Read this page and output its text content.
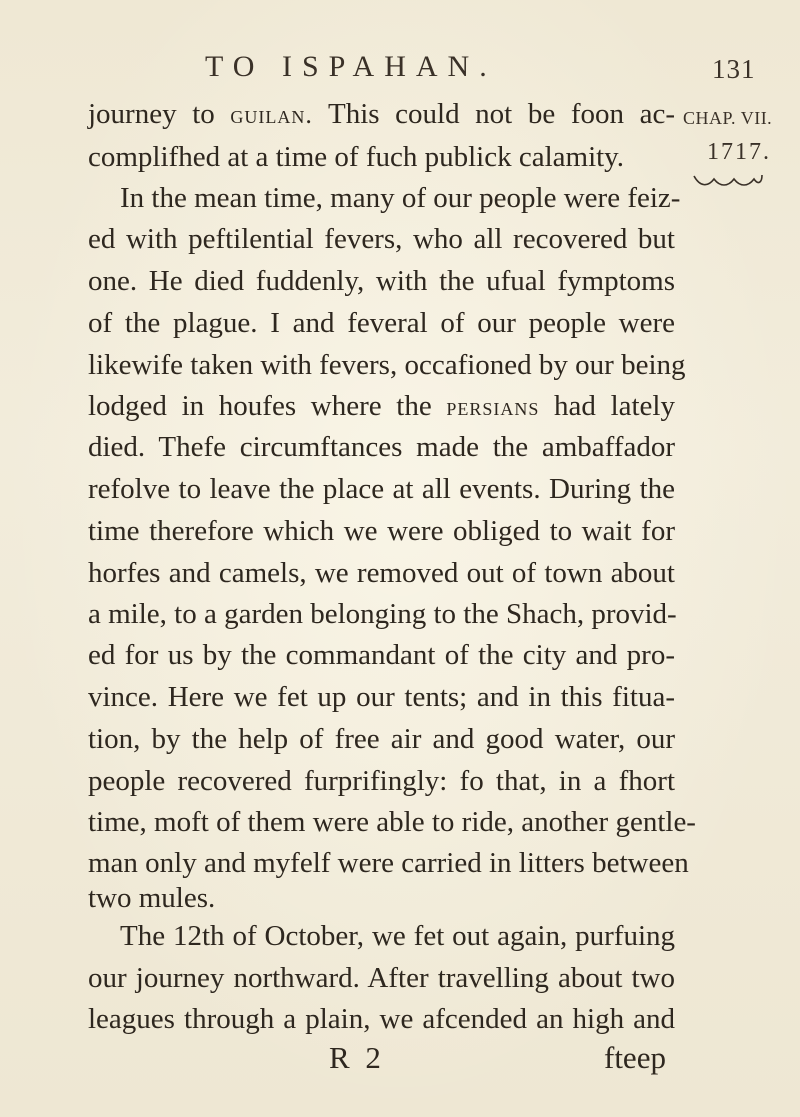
TO ISPAHAN.	131
CHAP. VII.
1717.
journey to guilan. This could not be foon ac-
complifhed at a time of fuch publick calamity.
In the mean time, many of our people were feiz-
ed with peftilential fevers, who all recovered but
one. He died fuddenly, with the ufual fymptoms
of the plague. I and feveral of our people were
likewife taken with fevers, occafioned by our being
lodged in houfes where the persians had lately
died. Thefe circumftances made the ambaffador
refolve to leave the place at all events. During the
time therefore which we were obliged to wait for
horfes and camels, we removed out of town about
a mile, to a garden belonging to the Shach, provid-
ed for us by the commandant of the city and pro-
vince. Here we fet up our tents; and in this fitua-
tion, by the help of free air and good water, our
people recovered furprifingly: fo that, in a fhort
time, moft of them were able to ride, another gentle-
man only and myfelf were carried in litters between
two mules.
The 12th of October, we fet out again, purfuing
our journey northward. After travelling about two
leagues through a plain, we afcended an high and
R 2	fteep
